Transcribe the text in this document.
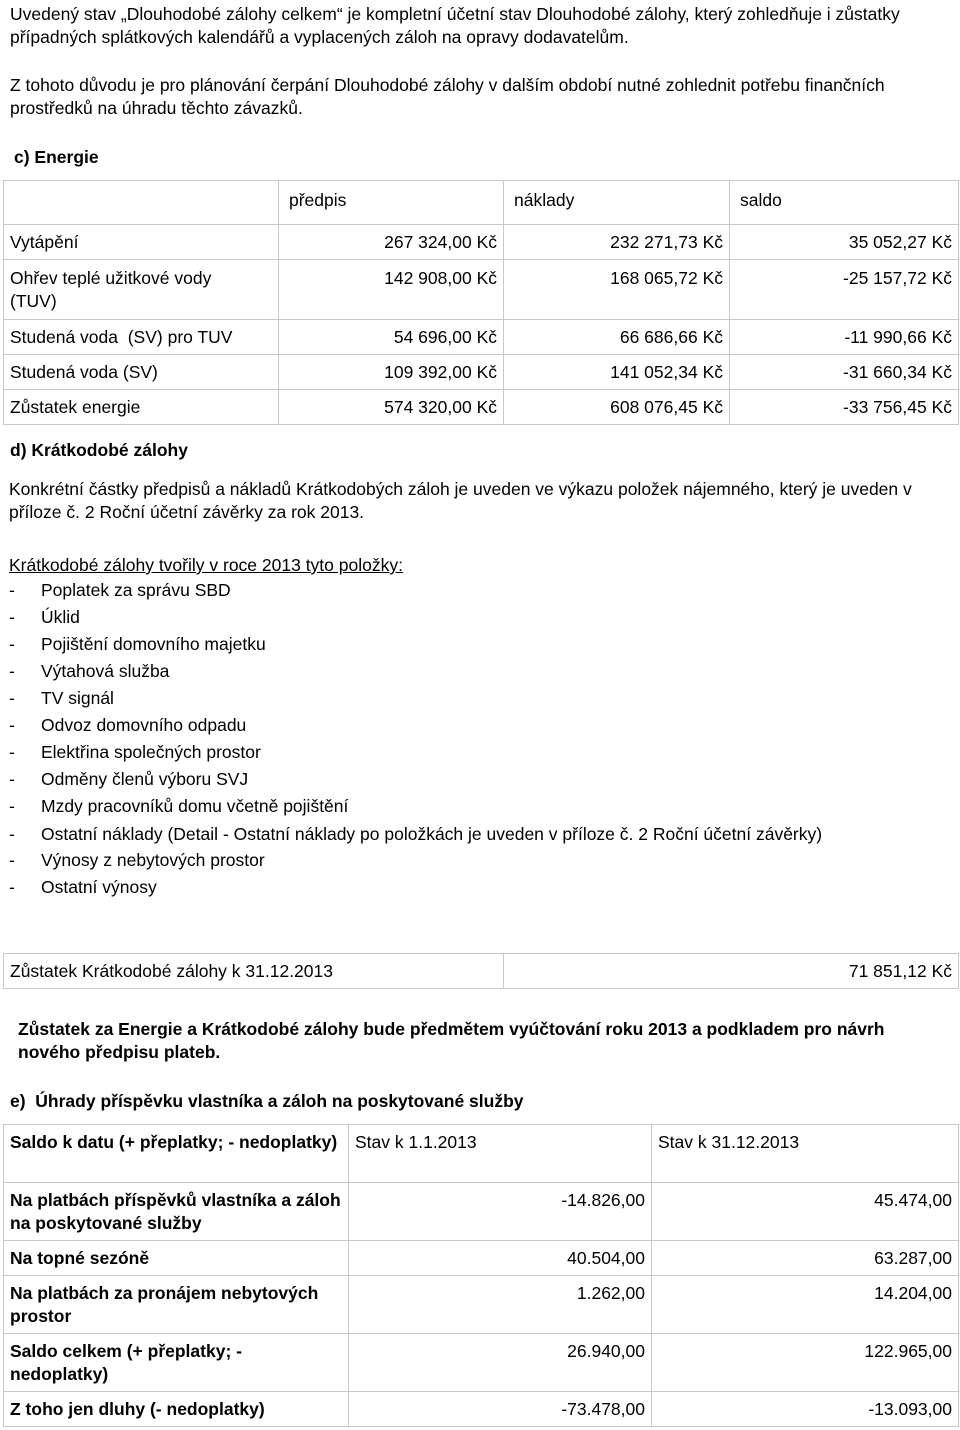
Uvedený stav „Dlouhodobé zálohy celkem“ je kompletní účetní stav Dlouhodobé zálohy, který zohledňuje i zůstatky případných splátkových kalendářů a vyplacených záloh na opravy dodavatelům.

Z tohoto důvodu je pro plánování čerpání Dlouhodobé zálohy v dalším období nutné zohlednit potřebu finančních prostředků na úhradu těchto závazků.

c) Energie

	předpis	náklady	saldo
Vytápění	267 324,00 Kč	232 271,73 Kč	35 052,27 Kč
Ohřev teplé užitkové vody (TUV)	142 908,00 Kč	168 065,72 Kč	-25 157,72 Kč
Studená voda  (SV) pro TUV	54 696,00 Kč	66 686,66 Kč	-11 990,66 Kč
Studená voda (SV)	109 392,00 Kč	141 052,34 Kč	-31 660,34 Kč
Zůstatek energie	574 320,00 Kč	608 076,45 Kč	-33 756,45 Kč

d) Krátkodobé zálohy

Konkrétní částky předpisů a nákladů Krátkodobých záloh je uveden ve výkazu položek nájemného, který je uveden v příloze č. 2 Roční účetní závěrky za rok 2013.

Krátkodobé zálohy tvořily v roce 2013 tyto položky:

- Poplatek za správu SBD
- Úklid
- Pojištění domovního majetku
- Výtahová služba
- TV signál
- Odvoz domovního odpadu
- Elektřina společných prostor
- Odměny členů výboru SVJ
- Mzdy pracovníků domu včetně pojištění
- Ostatní náklady (Detail - Ostatní náklady po položkách je uveden v příloze č. 2 Roční účetní závěrky)
- Výnosy z nebytových prostor
- Ostatní výnosy
Zůstatek Krátkodobé zálohy k 31.12.2013	71 851,12 Kč

Zůstatek za Energie a Krátkodobé zálohy bude předmětem vyúčtování roku 2013 a podkladem pro návrh nového předpisu plateb.

e)  Úhrady příspěvku vlastníka a záloh na poskytované služby

Saldo k datu (+ přeplatky; - nedoplatky)	Stav k 1.1.2013	Stav k 31.12.2013
Na platbách příspěvků vlastníka a záloh na poskytované služby	-14.826,00	45.474,00
Na topné sezóně	40.504,00	63.287,00
Na platbách za pronájem nebytových prostor	1.262,00	14.204,00
Saldo celkem (+ přeplatky; - nedoplatky)	26.940,00	122.965,00
Z toho jen dluhy (- nedoplatky)	-73.478,00	-13.093,00
